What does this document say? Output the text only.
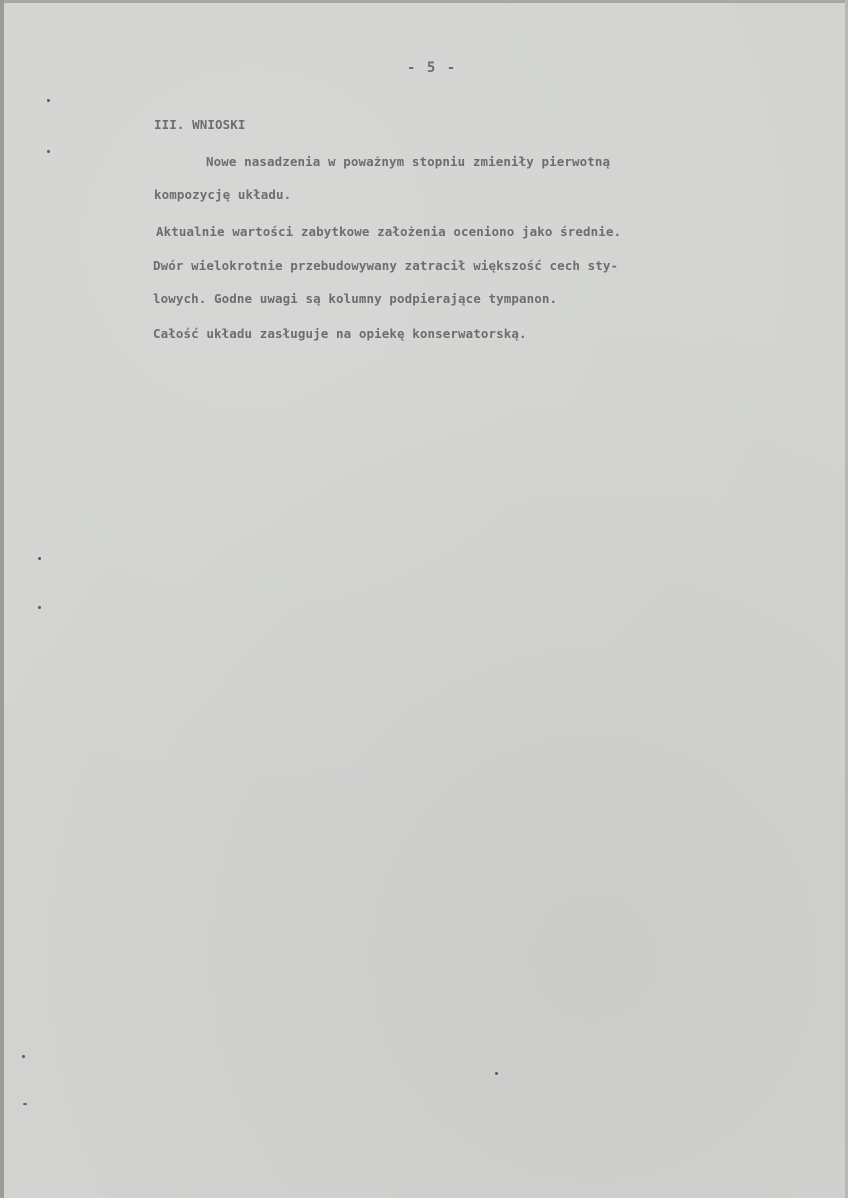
- 5 -
III. WNIOSKI
Nowe nasadzenia w poważnym stopniu zmieniły pierwotną
kompozycję układu.
Aktualnie wartości zabytkowe założenia oceniono jako średnie.
Dwór wielokrotnie przebudowywany zatracił większość cech sty-
lowych. Godne uwagi są kolumny podpierające tympanon.
Całość układu zasługuje na opiekę konserwatorską.
